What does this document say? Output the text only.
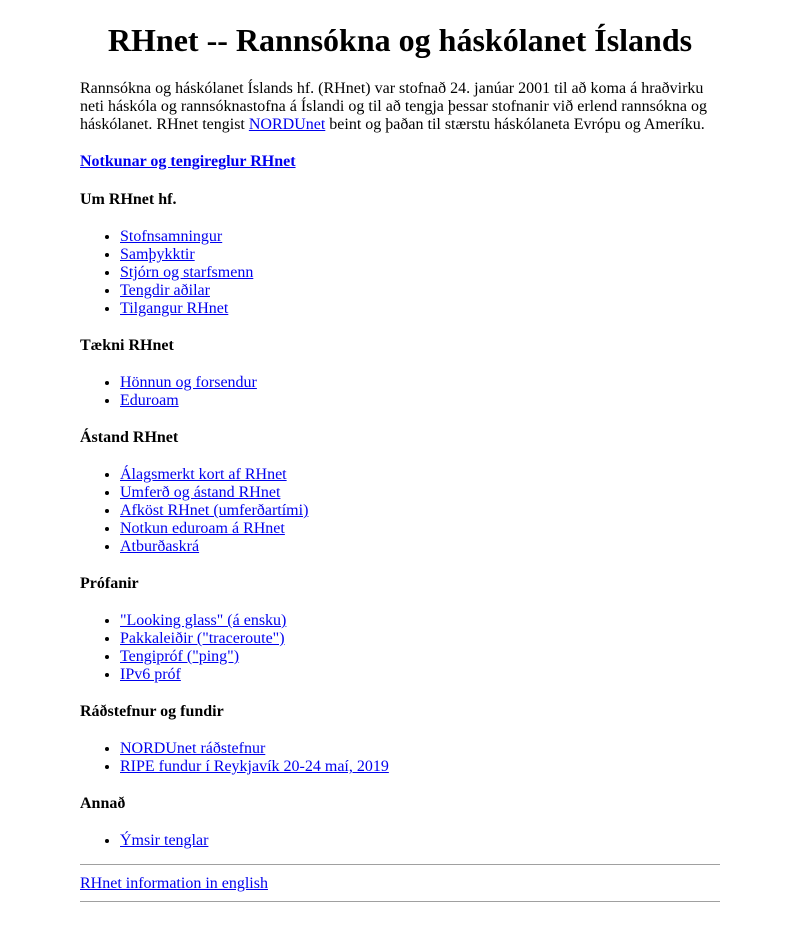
RHnet -- Rannsókna og háskólanet Íslands

Rannsókna og háskólanet Íslands hf. (RHnet) var stofnað 24. janúar 2001 til að koma á hraðvirku neti háskóla og rannsóknastofna á Íslandi og til að tengja þessar stofnanir við erlend rannsókna og háskólanet. RHnet tengist NORDUnet beint og þaðan til stærstu háskólaneta Evrópu og Ameríku.

Notkunar og tengireglur RHnet

Um RHnet hf.
• Stofnsamningur
• Samþykktir
• Stjórn og starfsmenn
• Tengdir aðilar
• Tilgangur RHnet
Tækni RHnet
• Hönnun og forsendur
• Eduroam
Ástand RHnet
• Álagsmerkt kort af RHnet
• Umferð og ástand RHnet
• Afköst RHnet (umferðartími)
• Notkun eduroam á RHnet
• Atburðaskrá
Prófanir
• "Looking glass" (á ensku)
• Pakkaleiðir ("traceroute")
• Tengipróf ("ping")
• IPv6 próf
Ráðstefnur og fundir
• NORDUnet ráðstefnur
• RIPE fundur í Reykjavík 20-24 maí, 2019
Annað
• Ýmsir tenglar

RHnet information in english
